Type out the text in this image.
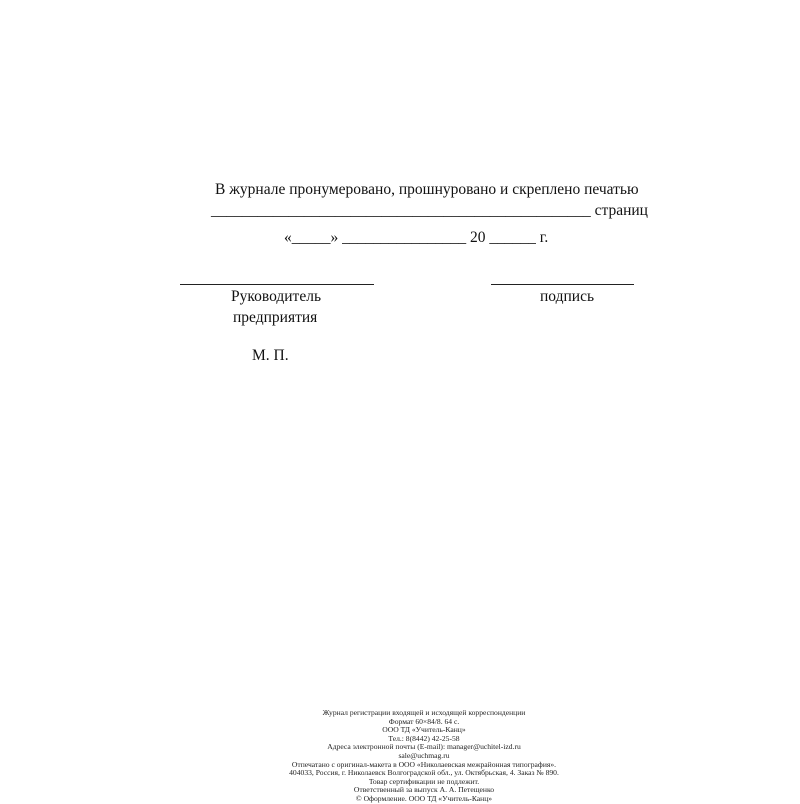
В журнале пронумеровано, прошнуровано и скреплено печатью
_________________________________________________ страниц
«_____» ________________ 20 ______ г.
Руководитель
предприятия
подпись
М. П.
Журнал регистрации входящей и исходящей корреспонденции
Формат 60×84/8. 64 с.
ООО ТД «Учитель-Канц»
Тел.: 8(8442) 42-25-58
Адреса электронной почты (E-mail): manager@uchitel-izd.ru
sale@uchmag.ru
Отпечатано с оригинал-макета в ООО «Николаевская межрайонная типография».
404033, Россия, г. Николаевск Волгоградской обл., ул. Октябрьская, 4. Заказ № 890.
Товар сертификации не подлежит.
Ответственный за выпуск А. А. Петещенко
© Оформление. ООО ТД «Учитель-Канц»
